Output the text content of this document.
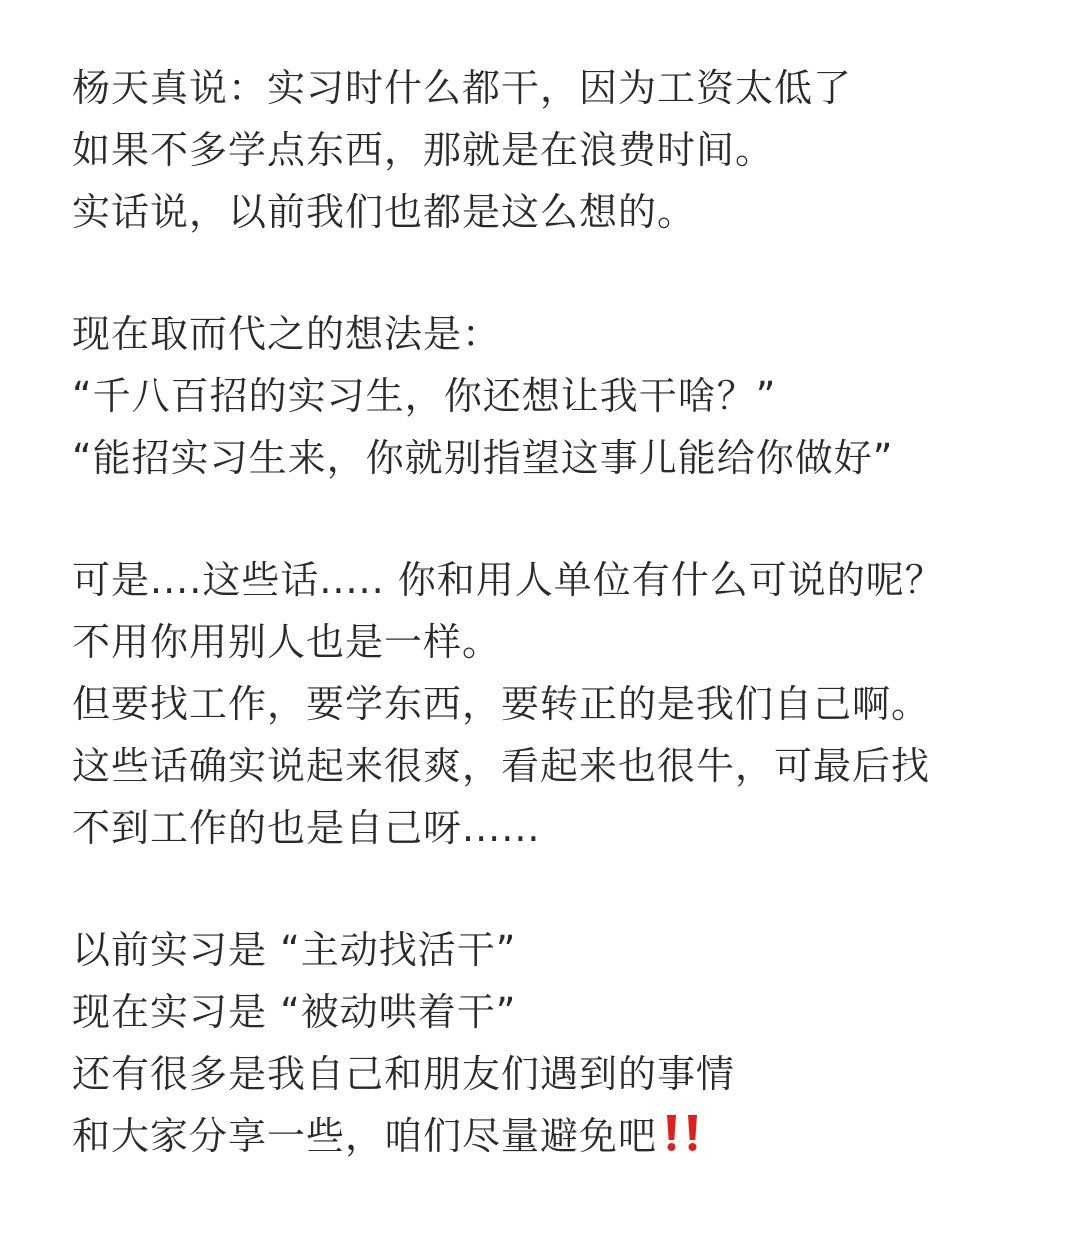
杨天真说：实习时什么都干，因为工资太低了
如果不多学点东西，那就是在浪费时间。
实话说，以前我们也都是这么想的。
现在取而代之的想法是：
“千八百招的实习生，你还想让我干啥？”
“能招实习生来，你就别指望这事儿能给你做好”
可是....这些话..... 你和用人单位有什么可说的呢？
不用你用别人也是一样。
但要找工作，要学东西，要转正的是我们自己啊。
这些话确实说起来很爽，看起来也很牛，可最后找
不到工作的也是自己呀......
以前实习是 “主动找活干”
现在实习是 “被动哄着干”
还有很多是我自己和朋友们遇到的事情
和大家分享一些，咱们尽量避免吧
